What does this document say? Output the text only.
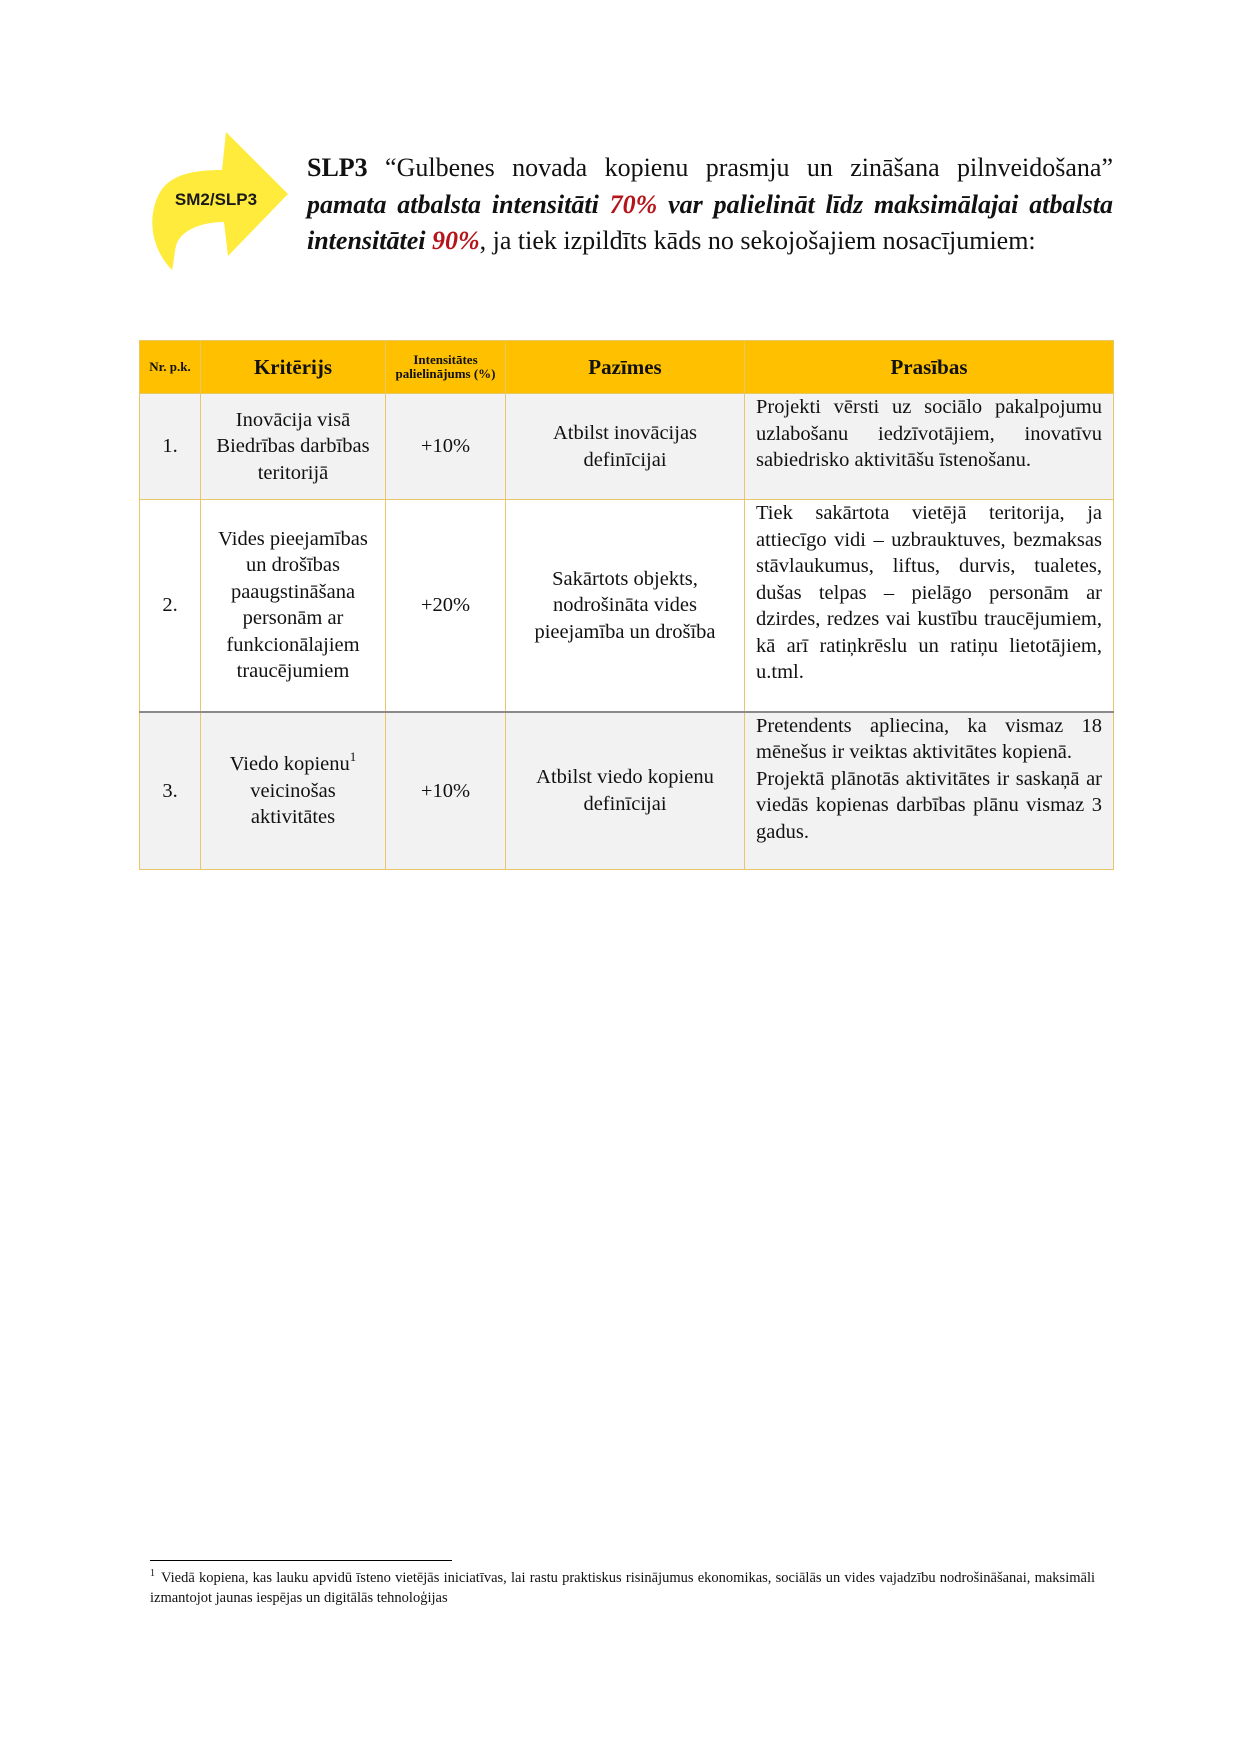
SM2/SLP3
SLP3 “Gulbenes novada kopienu prasmju un zināšana pilnveidošana” pamata atbalsta intensitāti 70% var palielināt līdz maksimālajai atbalsta intensitātei 90%, ja tiek izpildīts kāds no sekojošajiem nosacījumiem:
Nr. p.k.	Kritērijs	Intensitātes palielinājums (%)	Pazīmes	Prasības
1.	Inovācija visā Biedrības darbības teritorijā	+10%	Atbilst inovācijas definīcijai	Projekti vērsti uz sociālo pakalpojumu uzlabošanu iedzīvotājiem, inovatīvu sabiedrisko aktivitāšu īstenošanu.

2.	Vides pieejamības un drošības paaugstināšana personām ar funkcionālajiem traucējumiem	+20%	Sakārtots objekts, nodrošināta vides pieejamība un drošība	Tiek sakārtota vietējā teritorija, ja attiecīgo vidi – uzbrauktuves, bezmaksas stāvlaukumus, liftus, durvis, tualetes, dušas telpas – pielāgo personām ar dzirdes, redzes vai kustību traucējumiem, kā arī ratiņkrēslu un ratiņu lietotājiem, u.tml.

3.	Viedo kopienu$^1$ veicinošas aktivitātes	+10%	Atbilst viedo kopienu definīcijai	Pretendents apliecina, ka vismaz 18 mēnešus ir veiktas aktivitātes kopienā.

Projektā plānotās aktivitātes ir saskaņā ar viedās kopienas darbības plānu vismaz 3 gadus.

$^1$ Viedā kopiena, kas lauku apvidū īsteno vietējās iniciatīvas, lai rastu praktiskus risinājumus ekonomikas, sociālās un vides vajadzību nodrošināšanai, maksimāli izmantojot jaunas iespējas un digitālās tehnoloģijas
